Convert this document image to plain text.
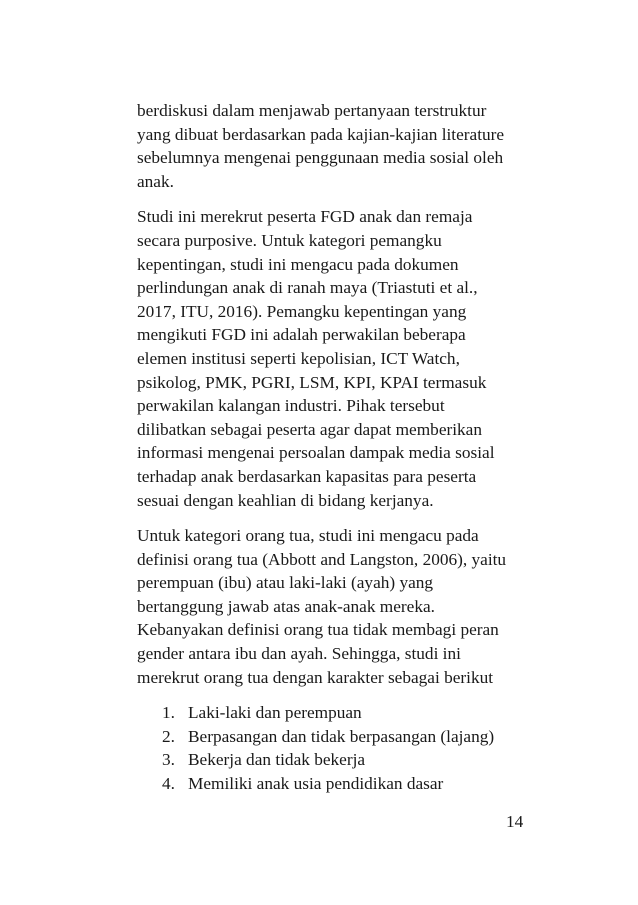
berdiskusi dalam menjawab pertanyaan terstruktur
yang dibuat berdasarkan pada kajian-kajian literature
sebelumnya mengenai penggunaan media sosial oleh
anak.
Studi ini merekrut peserta FGD anak dan remaja
secara purposive. Untuk kategori pemangku
kepentingan, studi ini mengacu pada dokumen
perlindungan anak di ranah maya (Triastuti et al.,
2017, ITU, 2016). Pemangku kepentingan yang
mengikuti FGD ini adalah perwakilan beberapa
elemen institusi seperti kepolisian, ICT Watch,
psikolog, PMK, PGRI, LSM, KPI, KPAI termasuk
perwakilan kalangan industri. Pihak tersebut
dilibatkan sebagai peserta agar dapat memberikan
informasi mengenai persoalan dampak media sosial
terhadap anak berdasarkan kapasitas para peserta
sesuai dengan keahlian di bidang kerjanya.
Untuk kategori orang tua, studi ini mengacu pada
definisi orang tua (Abbott and Langston, 2006), yaitu
perempuan (ibu) atau laki-laki (ayah) yang
bertanggung jawab atas anak-anak mereka.
Kebanyakan definisi orang tua tidak membagi peran
gender antara ibu dan ayah. Sehingga, studi ini
merekrut orang tua dengan karakter sebagai berikut
1. Laki-laki dan perempuan
2. Berpasangan dan tidak berpasangan (lajang)
3. Bekerja dan tidak bekerja
4. Memiliki anak usia pendidikan dasar
14
